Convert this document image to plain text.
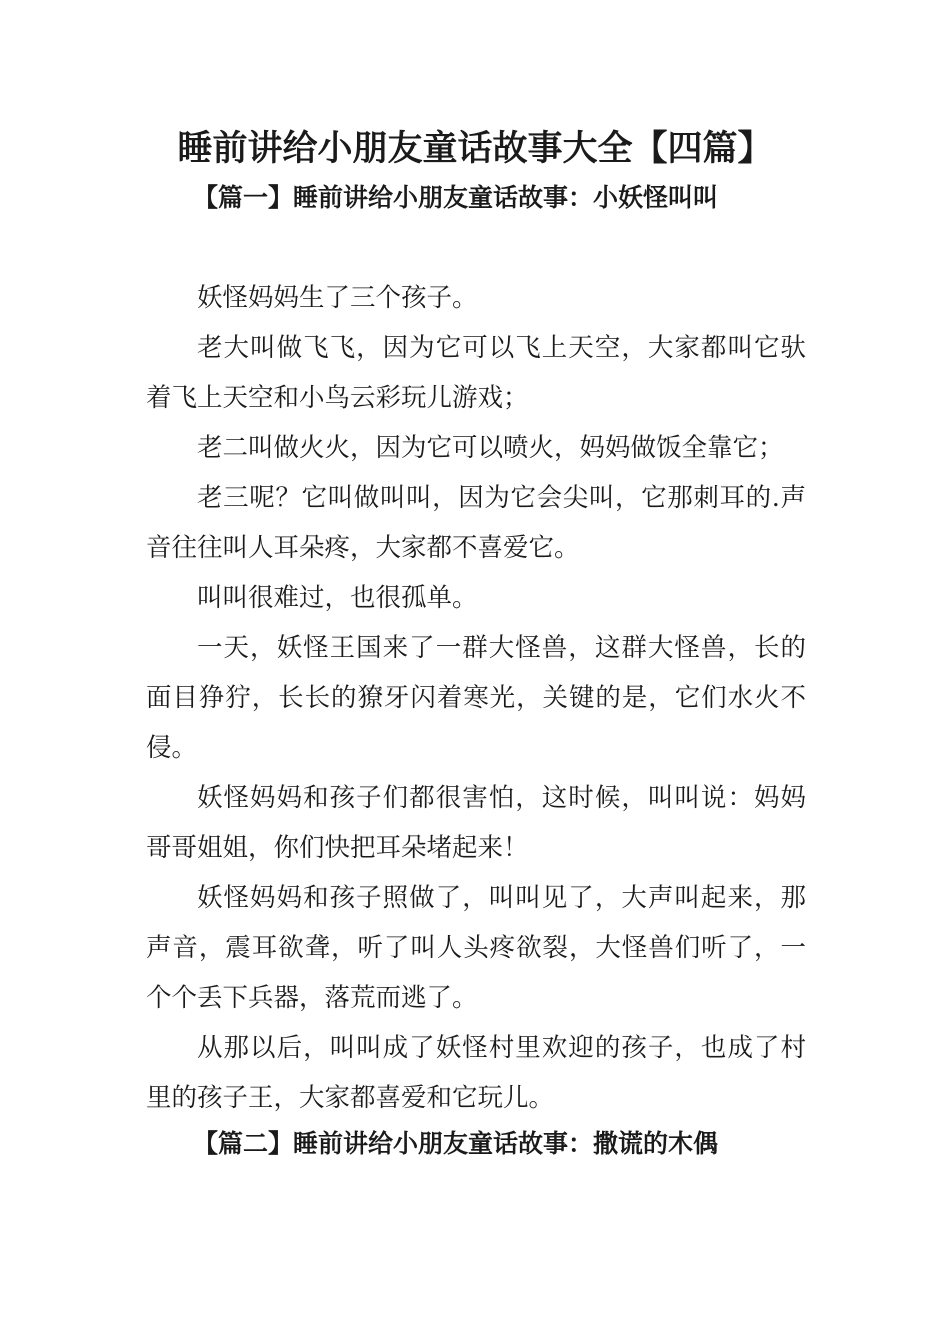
睡前讲给小朋友童话故事大全【四篇】
【篇一】睡前讲给小朋友童话故事：小妖怪叫叫

妖怪妈妈生了三个孩子。

老大叫做飞飞，因为它可以飞上天空，大家都叫它驮着飞上天空和小鸟云彩玩儿游戏；

老二叫做火火，因为它可以喷火，妈妈做饭全靠它；

老三呢？它叫做叫叫，因为它会尖叫，它那刺耳的.声音往往叫人耳朵疼，大家都不喜爱它。

叫叫很难过，也很孤单。

一天，妖怪王国来了一群大怪兽，这群大怪兽，长的面目狰狞，长长的獠牙闪着寒光，关键的是，它们水火不侵。

妖怪妈妈和孩子们都很害怕，这时候，叫叫说：妈妈哥哥姐姐，你们快把耳朵堵起来！

妖怪妈妈和孩子照做了，叫叫见了，大声叫起来，那声音，震耳欲聋，听了叫人头疼欲裂，大怪兽们听了，一个个丢下兵器，落荒而逃了。

从那以后，叫叫成了妖怪村里欢迎的孩子，也成了村里的孩子王，大家都喜爱和它玩儿。

【篇二】睡前讲给小朋友童话故事：撒谎的木偶
